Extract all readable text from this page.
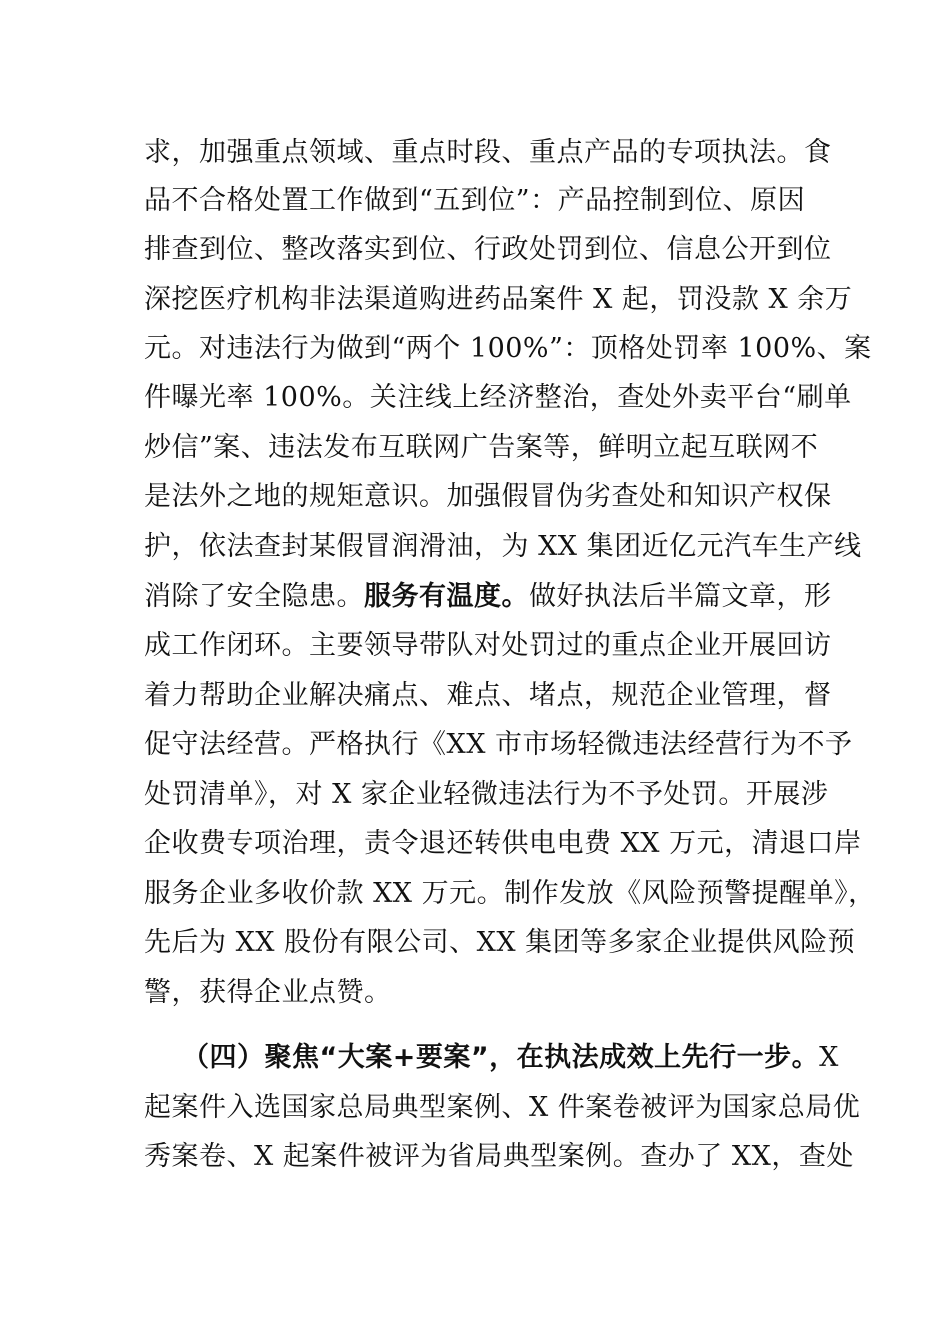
求，加强重点领域、重点时段、重点产品的专项执法。食
品不合格处置工作做到“五到位”：产品控制到位、原因
排查到位、整改落实到位、行政处罚到位、信息公开到位
深挖医疗机构非法渠道购进药品案件 X 起，罚没款 X 余万
元。对违法行为做到“两个 100%”：顶格处罚率 100%、案
件曝光率 100%。关注线上经济整治，查处外卖平台“刷单
炒信”案、违法发布互联网广告案等，鲜明立起互联网不
是法外之地的规矩意识。加强假冒伪劣查处和知识产权保
护，依法查封某假冒润滑油，为 XX 集团近亿元汽车生产线
消除了安全隐患。服务有温度。做好执法后半篇文章，形
成工作闭环。主要领导带队对处罚过的重点企业开展回访
着力帮助企业解决痛点、难点、堵点，规范企业管理，督
促守法经营。严格执行《XX 市市场轻微违法经营行为不予
处罚清单》，对 X 家企业轻微违法行为不予处罚。开展涉
企收费专项治理，责令退还转供电电费 XX 万元，清退口岸
服务企业多收价款 XX 万元。制作发放《风险预警提醒单》，
先后为 XX 股份有限公司、XX 集团等多家企业提供风险预
警，获得企业点赞。
（四）聚焦“大案+要案”，在执法成效上先行一步。X
起案件入选国家总局典型案例、X 件案卷被评为国家总局优
秀案卷、X 起案件被评为省局典型案例。查办了 XX，查处
